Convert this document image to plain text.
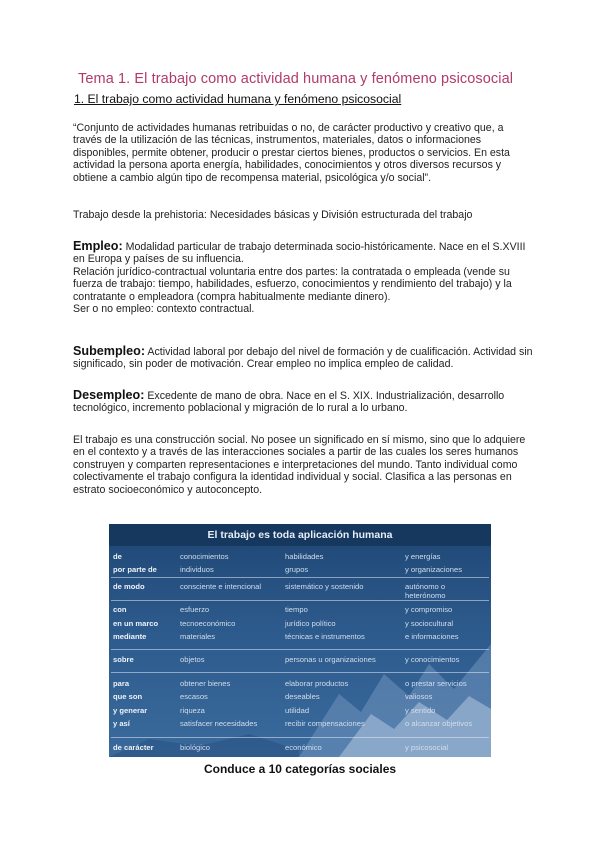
Tema 1. El trabajo como actividad humana y fenómeno psicosocial
1. El trabajo como actividad humana y fenómeno psicosocial
“Conjunto de actividades humanas retribuidas o no, de carácter productivo y creativo que, a través de la utilización de las técnicas, instrumentos, materiales, datos o informaciones disponibles, permite obtener, producir o prestar ciertos bienes, productos o servicios. En esta actividad la persona aporta energía, habilidades, conocimientos y otros diversos recursos y obtiene a cambio algún tipo de recompensa material, psicológica y/o social”.
Trabajo desde la prehistoria: Necesidades básicas y División estructurada del trabajo
Empleo: Modalidad particular de trabajo determinada socio-históricamente. Nace en el S.XVIII en Europa y países de su influencia.
Relación jurídico-contractual voluntaria entre dos partes: la contratada o empleada (vende su fuerza de trabajo: tiempo, habilidades, esfuerzo, conocimientos y rendimiento del trabajo) y la contratante o empleadora (compra habitualmente mediante dinero).
Ser o no empleo: contexto contractual.
Subempleo: Actividad laboral por debajo del nivel de formación y de cualificación. Actividad sin significado, sin poder de motivación. Crear empleo no implica empleo de calidad.
Desempleo: Excedente de mano de obra. Nace en el S. XIX. Industrialización, desarrollo tecnológico, incremento poblacional y migración de lo rural a lo urbano.
El trabajo es una construcción social. No posee un significado en sí mismo, sino que lo adquiere en el contexto y a través de las interacciones sociales a partir de las cuales los seres humanos construyen y comparten representaciones e interpretaciones del mundo. Tanto individual como colectivamente el trabajo configura la identidad individual y social. Clasifica a las personas en estrato socioeconómico y autoconcepto.
El trabajo es toda aplicación humana
de	conocimientos	habilidades	y energías
por parte de	individuos	grupos	y organizaciones
de modo	consciente e intencional	sistemático y sostenido	autónomo o heterónomo
con	esfuerzo	tiempo	y compromiso
en un marco	tecnoeconómico	jurídico político	y sociocultural
mediante	materiales	técnicas e instrumentos	e informaciones
sobre	objetos	personas u organizaciones	y conocimientos
para	obtener bienes	elaborar productos	o prestar servicios
que son	escasos	deseables	valiosos
y generar	riqueza	utilidad	y sentido
y así	satisfacer necesidades	recibir compensaciones	o alcanzar objetivos
de carácter	biológico	económico	y psicosocial
Conduce a 10 categorías sociales
